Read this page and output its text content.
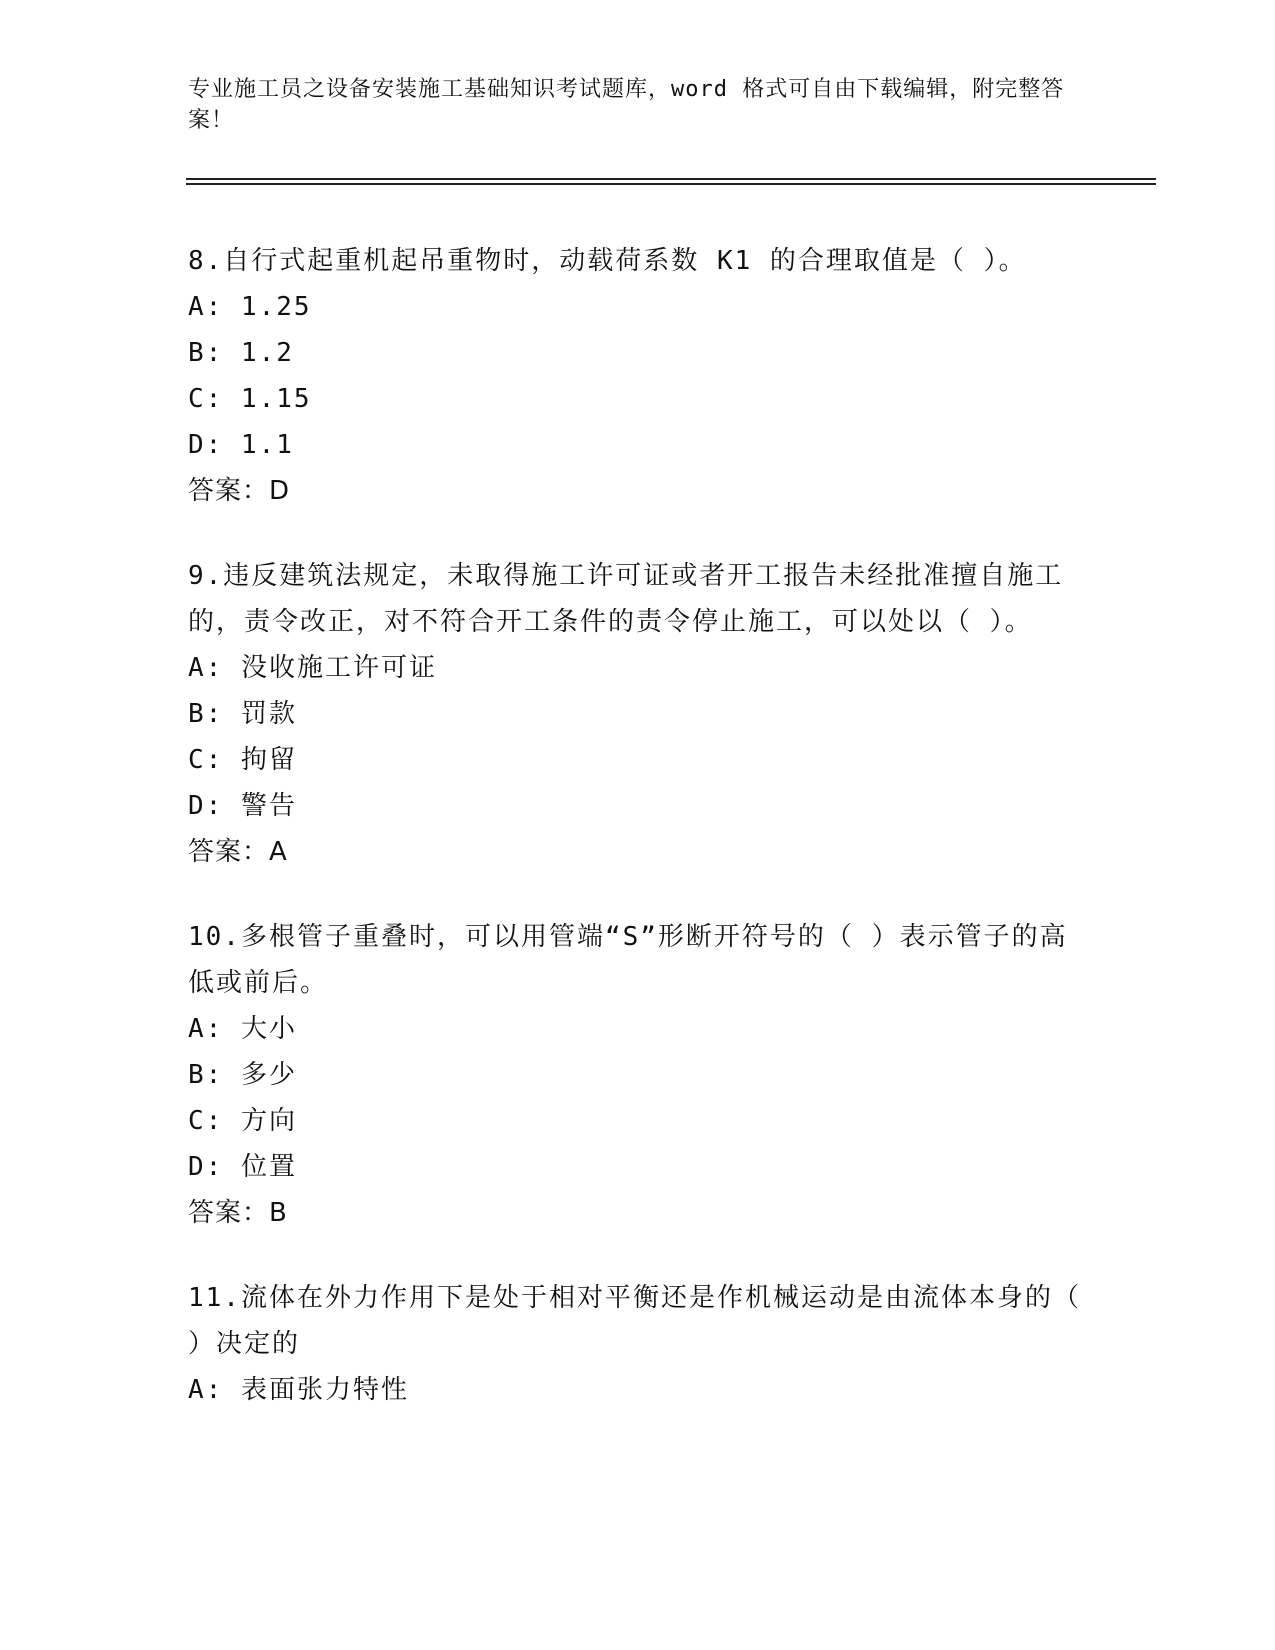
专业施工员之设备安装施工基础知识考试题库，word 格式可自由下载编辑，附完整答案！
8.自行式起重机起吊重物时，动载荷系数 K1 的合理取值是（ ）。
A: 1.25
B: 1.2
C: 1.15
D: 1.1
答案：D
9.违反建筑法规定，未取得施工许可证或者开工报告未经批准擅自施工的，责令改正，对不符合开工条件的责令停止施工，可以处以（ ）。
A: 没收施工许可证
B: 罚款
C: 拘留
D: 警告
答案：A
10.多根管子重叠时，可以用管端“S”形断开符号的（ ）表示管子的高低或前后。
A: 大小
B: 多少
C: 方向
D: 位置
答案：B
11.流体在外力作用下是处于相对平衡还是作机械运动是由流体本身的（ ）决定的
A: 表面张力特性
